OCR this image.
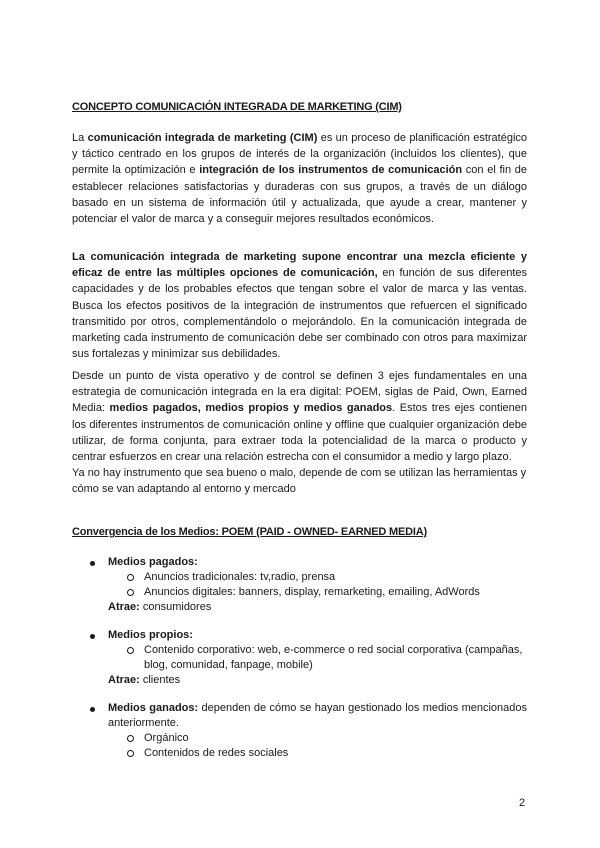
CONCEPTO COMUNICACIÓN INTEGRADA DE MARKETING (CIM)

La comunicación integrada de marketing (CIM) es un proceso de planificación estratégico y táctico centrado en los grupos de interés de la organización (incluidos los clientes), que permite la optimización e integración de los instrumentos de comunicación con el fin de establecer relaciones satisfactorias y duraderas con sus grupos, a través de un diálogo basado en un sistema de información útil y actualizada, que ayude a crear, mantener y potenciar el valor de marca y a conseguir mejores resultados económicos.

La comunicación integrada de marketing supone encontrar una mezcla eficiente y eficaz de entre las múltiples opciones de comunicación, en función de sus diferentes capacidades y de los probables efectos que tengan sobre el valor de marca y las ventas. Busca los efectos positivos de la integración de instrumentos que refuercen el significado transmitido por otros, complementándolo o mejorándolo. En la comunicación integrada de marketing cada instrumento de comunicación debe ser combinado con otros para maximizar sus fortalezas y minimizar sus debilidades.

Desde un punto de vista operativo y de control se definen 3 ejes fundamentales en una estrategia de comunicación integrada en la era digital: POEM, siglas de Paid, Own, Earned Media: medios pagados, medios propios y medios ganados. Estos tres ejes contienen los diferentes instrumentos de comunicación online y offline que cualquier organización debe utilizar, de forma conjunta, para extraer toda la potencialidad de la marca o producto y centrar esfuerzos en crear una relación estrecha con el consumidor a medio y largo plazo.

Ya no hay instrumento que sea bueno o malo, depende de com se utilizan las herramientas y cómo se van adaptando al entorno y mercado

Convergencia de los Medios: POEM (PAID - OWNED- EARNED MEDIA)
Medios pagados:
Anuncios tradicionales: tv,radio, prensa
Anuncios digitales: banners, display, remarketing, emailing, AdWords
Atrae: consumidores
Medios propios:
Contenido corporativo: web, e-commerce o red social corporativa (campañas, blog, comunidad, fanpage, mobile)
Atrae: clientes
Medios ganados: dependen de cómo se hayan gestionado los medios mencionados anteriormente.
Orgánico
Contenidos de redes sociales
2
